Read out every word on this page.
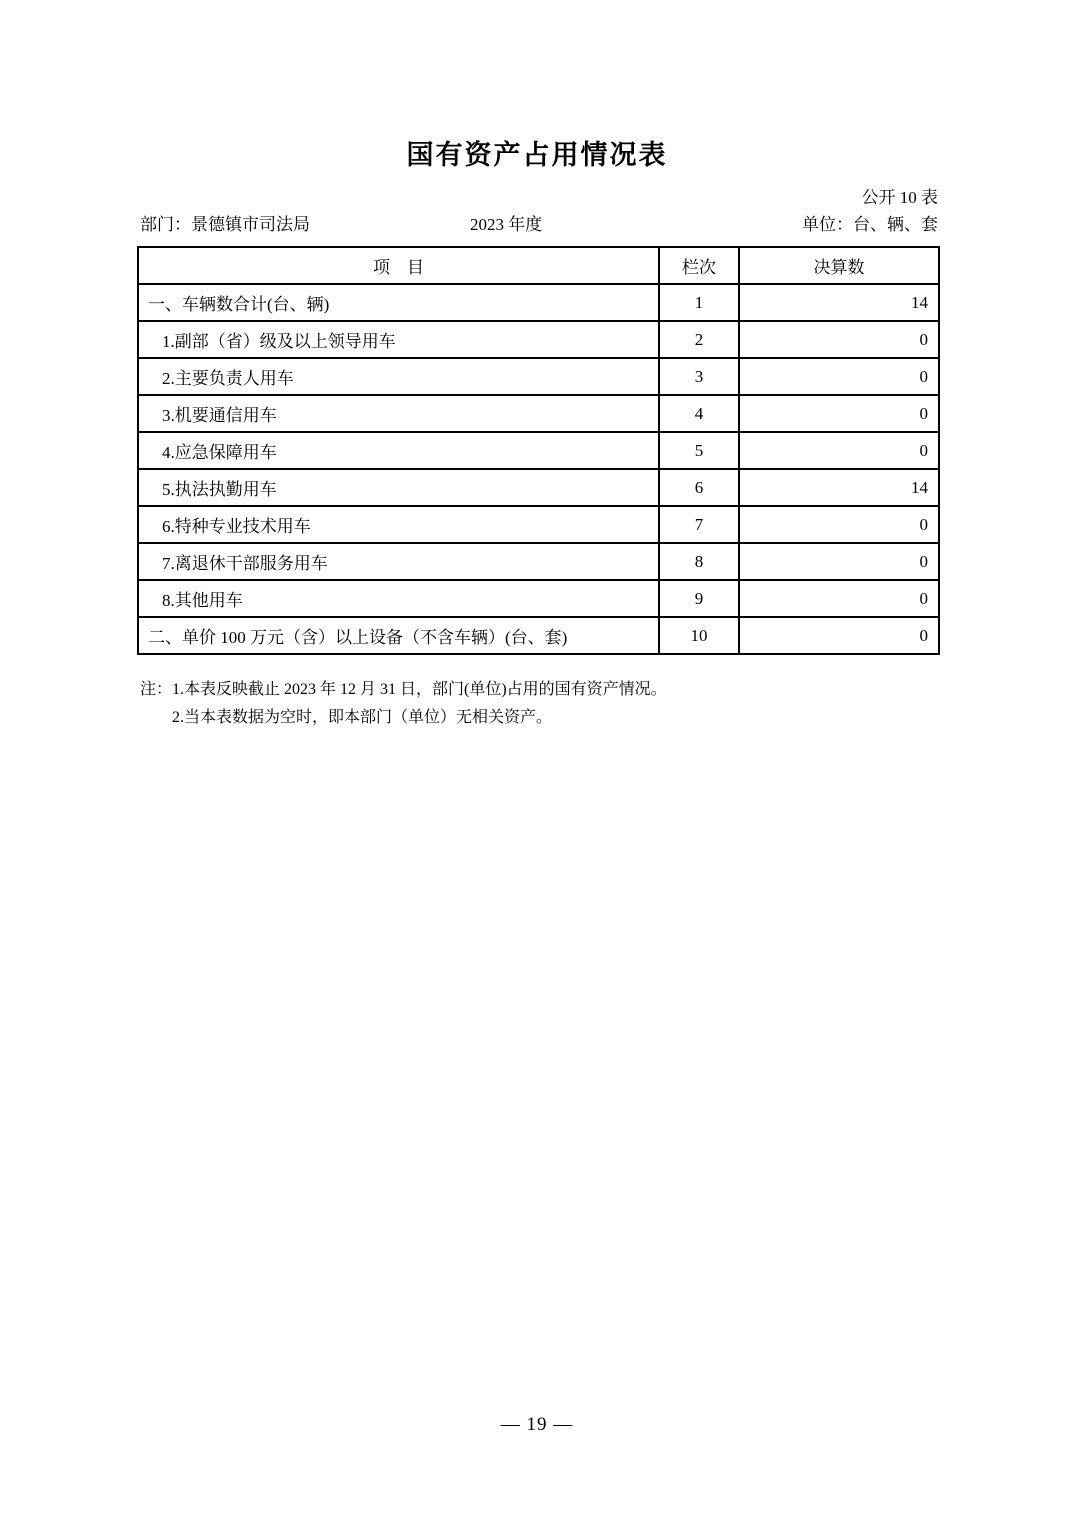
国有资产占用情况表
公开 10 表
部门：景德镇市司法局	2023 年度	单位：台、辆、套
项　目	栏次	决算数
一、车辆数合计(台、辆)	1	14
1.副部（省）级及以上领导用车	2	0
2.主要负责人用车	3	0
3.机要通信用车	4	0
4.应急保障用车	5	0
5.执法执勤用车	6	14
6.特种专业技术用车	7	0
7.离退休干部服务用车	8	0
8.其他用车	9	0
二、单价 100 万元（含）以上设备（不含车辆）(台、套)	10	0
注：1.本表反映截止 2023 年 12 月 31 日，部门(单位)占用的国有资产情况。
2.当本表数据为空时，即本部门（单位）无相关资产。
— 19 —
